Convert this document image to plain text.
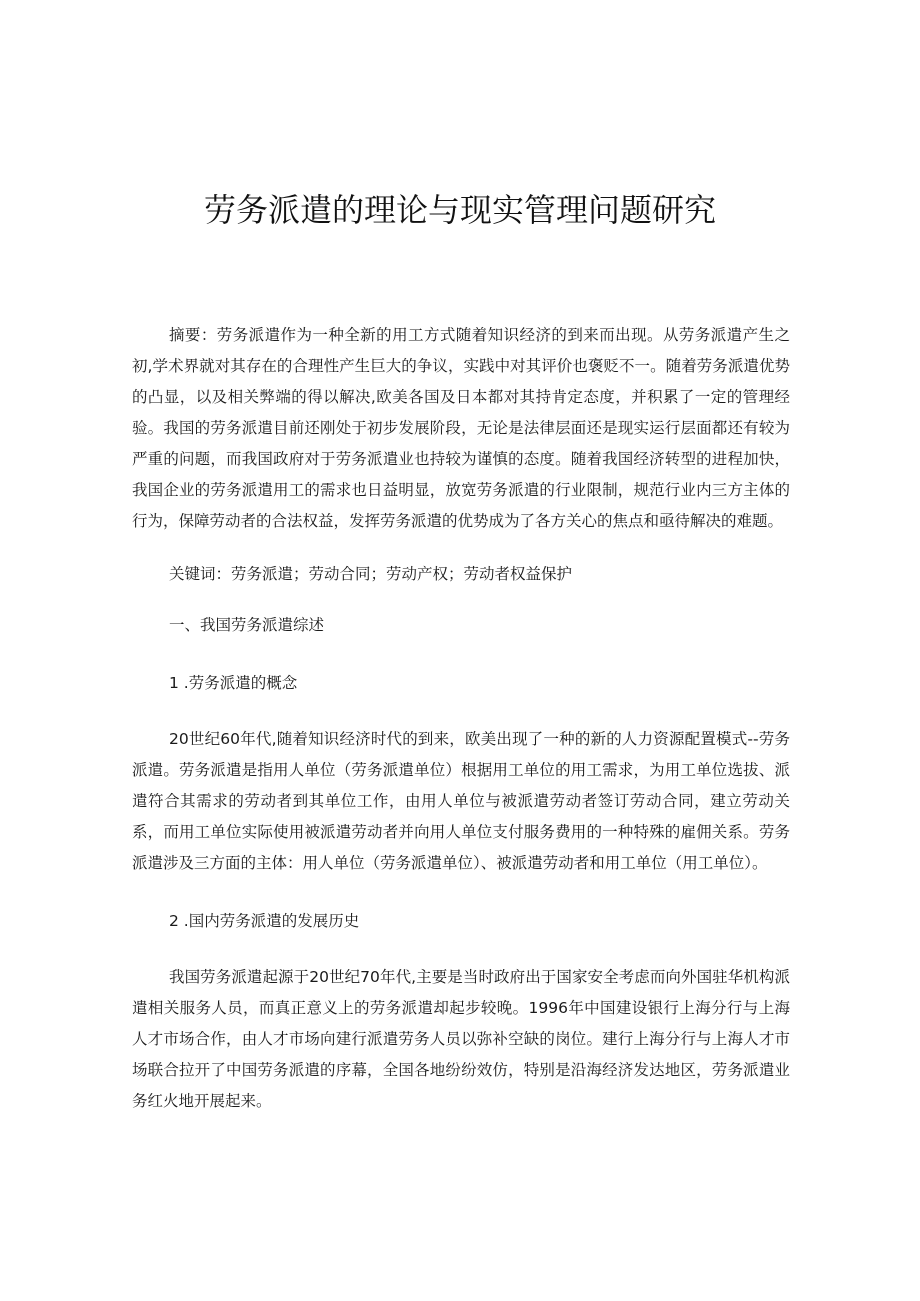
劳务派遣的理论与现实管理问题研究

摘要：劳务派遣作为一种全新的用工方式随着知识经济的到来而出现。从劳务派遣产生之初,学术界就对其存在的合理性产生巨大的争议，实践中对其评价也褒贬不一。随着劳务派遣优势的凸显，以及相关弊端的得以解决,欧美各国及日本都对其持肯定态度，并积累了一定的管理经验。我国的劳务派遣目前还刚处于初步发展阶段，无论是法律层面还是现实运行层面都还有较为严重的问题，而我国政府对于劳务派遣业也持较为谨慎的态度。随着我国经济转型的进程加快，我国企业的劳务派遣用工的需求也日益明显，放宽劳务派遣的行业限制，规范行业内三方主体的行为，保障劳动者的合法权益，发挥劳务派遣的优势成为了各方关心的焦点和亟待解决的难题。

关键词：劳务派遣；劳动合同；劳动产权；劳动者权益保护

一、我国劳务派遣综述

1 .劳务派遣的概念

20世纪60年代,随着知识经济时代的到来，欧美出现了一种的新的人力资源配置模式--劳务派遣。劳务派遣是指用人单位（劳务派遣单位）根据用工单位的用工需求，为用工单位选拔、派遣符合其需求的劳动者到其单位工作，由用人单位与被派遣劳动者签订劳动合同，建立劳动关系，而用工单位实际使用被派遣劳动者并向用人单位支付服务费用的一种特殊的雇佣关系。劳务派遣涉及三方面的主体：用人单位（劳务派遣单位）、被派遣劳动者和用工单位（用工单位）。

2 .国内劳务派遣的发展历史

我国劳务派遣起源于20世纪70年代,主要是当时政府出于国家安全考虑而向外国驻华机构派遣相关服务人员，而真正意义上的劳务派遣却起步较晚。1996年中国建设银行上海分行与上海人才市场合作，由人才市场向建行派遣劳务人员以弥补空缺的岗位。建行上海分行与上海人才市场联合拉开了中国劳务派遣的序幕，全国各地纷纷效仿，特别是沿海经济发达地区，劳务派遣业务红火地开展起来。
